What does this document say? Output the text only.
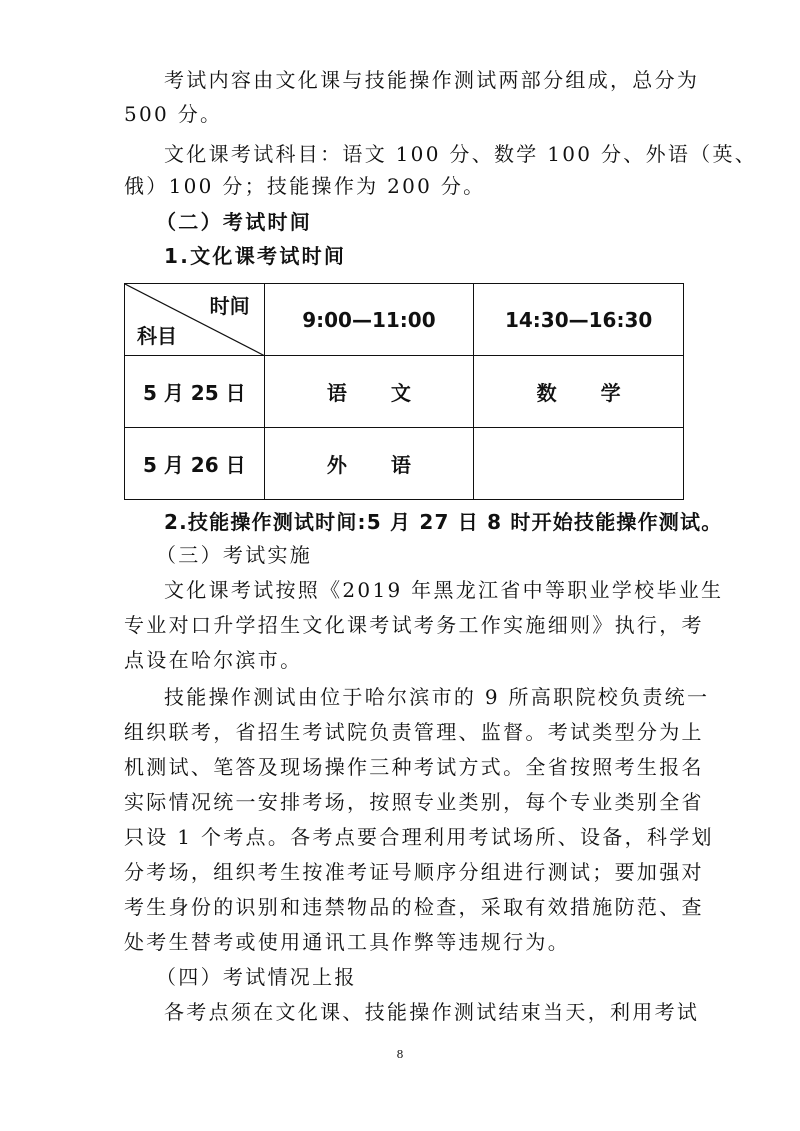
考试内容由文化课与技能操作测试两部分组成，总分为
500 分。
文化课考试科目：语文 100 分、数学 100 分、外语（英、
俄）100 分；技能操作为 200 分。
（二）考试时间
1.文化课考试时间
时间
科目	9:00—11:00	14:30—16:30
5 月 25 日	语文	数学
5 月 26 日	外语	
2.技能操作测试时间:5 月 27 日 8 时开始技能操作测试。
（三）考试实施
文化课考试按照《2019 年黑龙江省中等职业学校毕业生
专业对口升学招生文化课考试考务工作实施细则》执行，考
点设在哈尔滨市。
技能操作测试由位于哈尔滨市的 9 所高职院校负责统一
组织联考，省招生考试院负责管理、监督。考试类型分为上
机测试、笔答及现场操作三种考试方式。全省按照考生报名
实际情况统一安排考场，按照专业类别，每个专业类别全省
只设 1 个考点。各考点要合理利用考试场所、设备，科学划
分考场，组织考生按准考证号顺序分组进行测试；要加强对
考生身份的识别和违禁物品的检查，采取有效措施防范、查
处考生替考或使用通讯工具作弊等违规行为。
（四）考试情况上报
各考点须在文化课、技能操作测试结束当天，利用考试
8
